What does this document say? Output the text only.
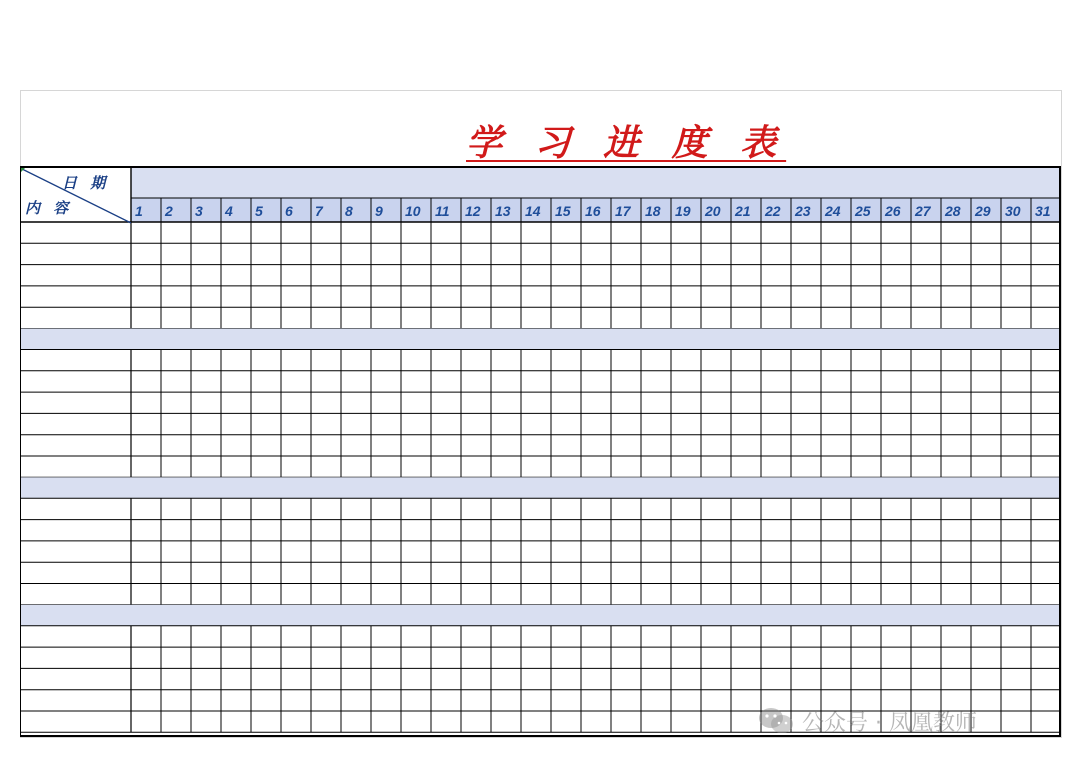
学 习 进 度 表
1 2 3 4 5 6 7 8 9 10 11 12 13 14 15 16 17 18 19 20 21 22 23 24 25 26 27 28 29 30 31
日 期
内 容
公众号 · 凤凰教师
